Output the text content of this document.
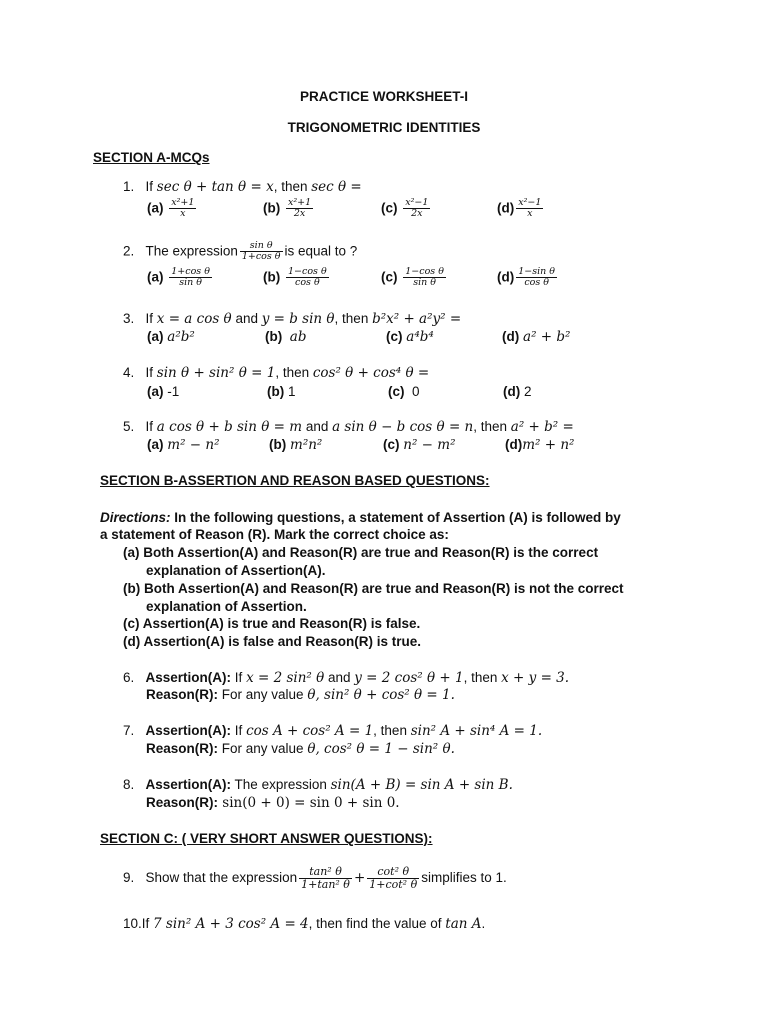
PRACTICE WORKSHEET-I
TRIGONOMETRIC IDENTITIES
SECTION A-MCQs
1. If sec θ + tan θ = x, then sec θ =
$(a) \frac{\text{x²+1}}{x}$	$(b) \frac{\text{x²+1}}{2x}$	$(c) \frac{\text{x²−1}}{2x}$	$(d) \frac{\text{x²−1}}{x}$
2. The expression $\frac{\text{sin θ}}{\text{1+cos θ}}$ is equal to ?
$(a) \frac{\text{1+cos θ}}{\text{sin θ}}$	$(b) \frac{\text{1−cos θ}}{\text{cos θ}}$	$(c) \frac{\text{1−cos θ}}{\text{sin θ}}$	$(d) \frac{\text{1−sin θ}}{\text{cos θ}}$
3. If x = a cos θ and y = b sin θ, then b²x² + a²y² =
(a) a²b²	(b) ab	(c) a⁴b⁴	(d) a² + b²
4. If sin θ + sin² θ = 1, then cos² θ + cos⁴ θ =
(a) -1	(b) 1	(c) 0	(d) 2
5. If a cos θ + b sin θ = m and a sin θ − b cos θ = n, then a² + b² =
(a) m² − n²	(b) m²n²	(c) n² − m²	(d)m² + n²
SECTION B-ASSERTION AND REASON BASED QUESTIONS:
Directions: In the following questions, a statement of Assertion (A) is followed by
a statement of Reason (R). Mark the correct choice as:
(a) Both Assertion(A) and Reason(R) are true and Reason(R) is the correct
explanation of Assertion(A).
(b) Both Assertion(A) and Reason(R) are true and Reason(R) is not the correct
explanation of Assertion.
(c) Assertion(A) is true and Reason(R) is false.
(d) Assertion(A) is false and Reason(R) is true.
6. Assertion(A): If x = 2 sin² θ and y = 2 cos² θ + 1, then x + y = 3.
Reason(R): For any value θ, sin² θ + cos² θ = 1.
7. Assertion(A): If cos A + cos² A = 1, then sin² A + sin⁴ A = 1.
Reason(R): For any value θ, cos² θ = 1 − sin² θ.
8. Assertion(A): The expression sin(A + B) = sin A + sin B.
Reason(R): sin(0 + 0) = sin 0 + sin 0.
SECTION C: ( VERY SHORT ANSWER QUESTIONS):
9. Show that the expression $\frac{\text{tan² θ}}{\text{1+tan² θ}} + \frac{\text{cot² θ}}{\text{1+cot² θ}}$ simplifies to 1.
10.If 7 sin² A + 3 cos² A = 4, then find the value of tan A.
